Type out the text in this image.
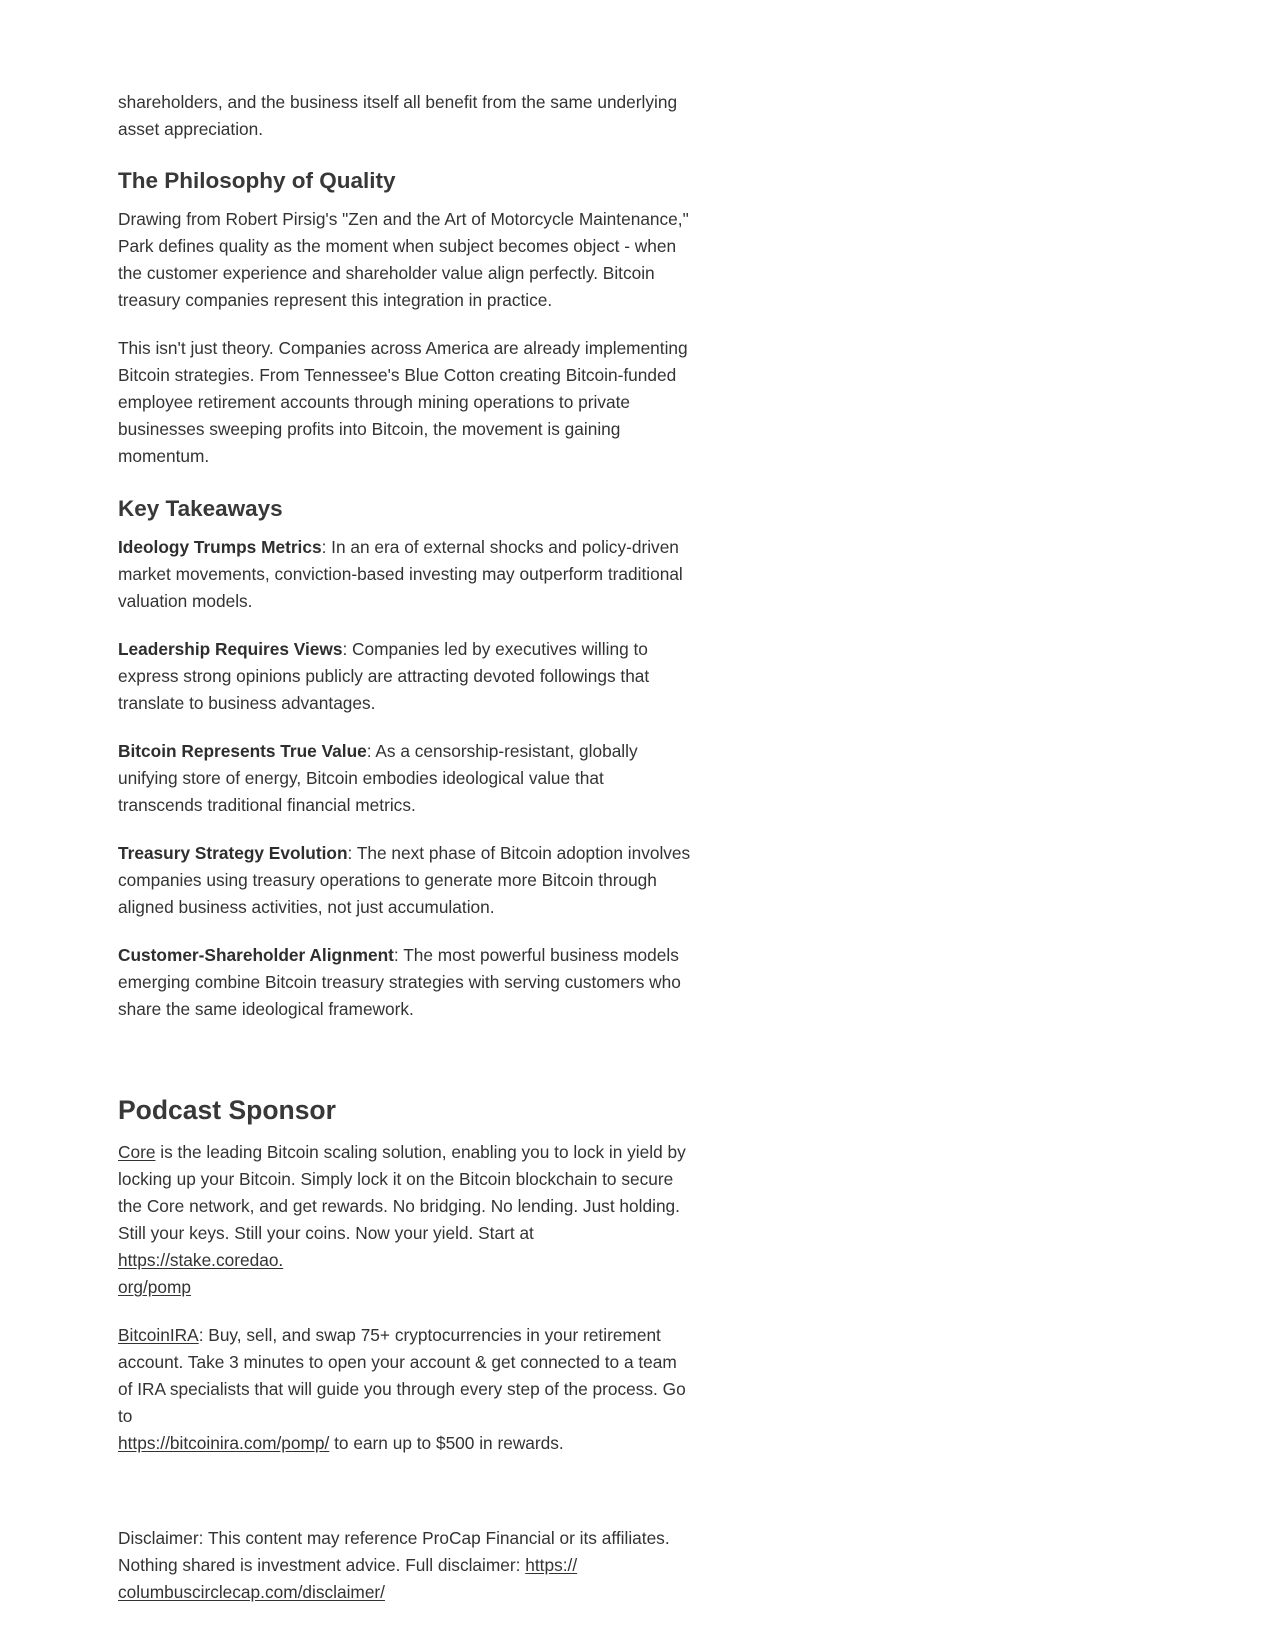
shareholders, and the business itself all benefit from the same underlying asset appreciation.

The Philosophy of Quality

Drawing from Robert Pirsig's "Zen and the Art of Motorcycle Maintenance," Park defines quality as the moment when subject becomes object - when the customer experience and shareholder value align perfectly. Bitcoin treasury companies represent this integration in practice.

This isn't just theory. Companies across America are already implementing Bitcoin strategies. From Tennessee's Blue Cotton creating Bitcoin-funded employee retirement accounts through mining operations to private businesses sweeping profits into Bitcoin, the movement is gaining momentum.

Key Takeaways

Ideology Trumps Metrics: In an era of external shocks and policy-driven market movements, conviction-based investing may outperform traditional valuation models.

Leadership Requires Views: Companies led by executives willing to express strong opinions publicly are attracting devoted followings that translate to business advantages.

Bitcoin Represents True Value: As a censorship-resistant, globally unifying store of energy, Bitcoin embodies ideological value that transcends traditional financial metrics.

Treasury Strategy Evolution: The next phase of Bitcoin adoption involves companies using treasury operations to generate more Bitcoin through aligned business activities, not just accumulation.

Customer-Shareholder Alignment: The most powerful business models emerging combine Bitcoin treasury strategies with serving customers who share the same ideological framework.

Podcast Sponsor

Core is the leading Bitcoin scaling solution, enabling you to lock in yield by locking up your Bitcoin. Simply lock it on the Bitcoin blockchain to secure the Core network, and get rewards. No bridging. No lending. Just holding. Still your keys. Still your coins. Now your yield. Start at https://stake.coredao.
org/pomp

BitcoinIRA: Buy, sell, and swap 75+ cryptocurrencies in your retirement account. Take 3 minutes to open your account & get connected to a team of IRA specialists that will guide you through every step of the process. Go to
https://bitcoinira.com/pomp/ to earn up to $500 in rewards.

Disclaimer: This content may reference ProCap Financial or its affiliates. Nothing shared is investment advice. Full disclaimer: https://
columbuscirclecap.com/disclaimer/
